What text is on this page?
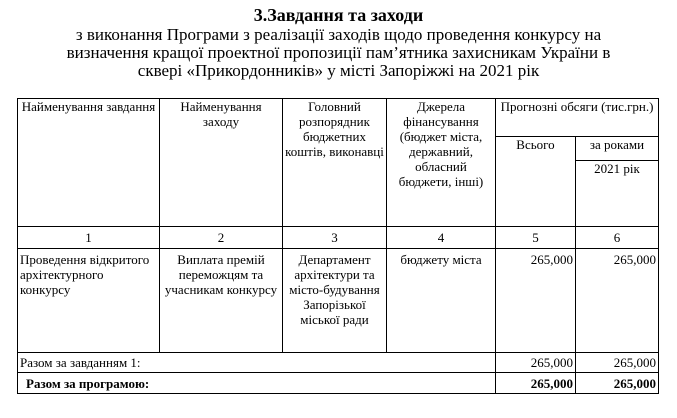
3.Завдання та заходи
з виконання Програми з реалізації заходів щодо проведення конкурсу на
визначення кращої проектної пропозиції пам’ятника захисникам України в
сквері «Прикордонників» у місті Запоріжжі на 2021 рік
Найменування завдання	Найменування заходу	Головний розпорядник бюджетних коштів, виконавці	Джерела фінансування (бюджет міста, державний, обласний бюджети, інші)	Прогнозні обсяги (тис.грн.)	
				Всього	за роками
					2021 рік
1	2	3	4	5	6
Проведення відкритого архітектурного конкурсу	Виплата премій переможцям та учасникам конкурсу	Департамент архітектури та місто-будування Запорізької міської ради	бюджету міста	265,000	265,000
Разом за завданням 1:				265,000	265,000
Разом за програмою:				265,000	265,000
